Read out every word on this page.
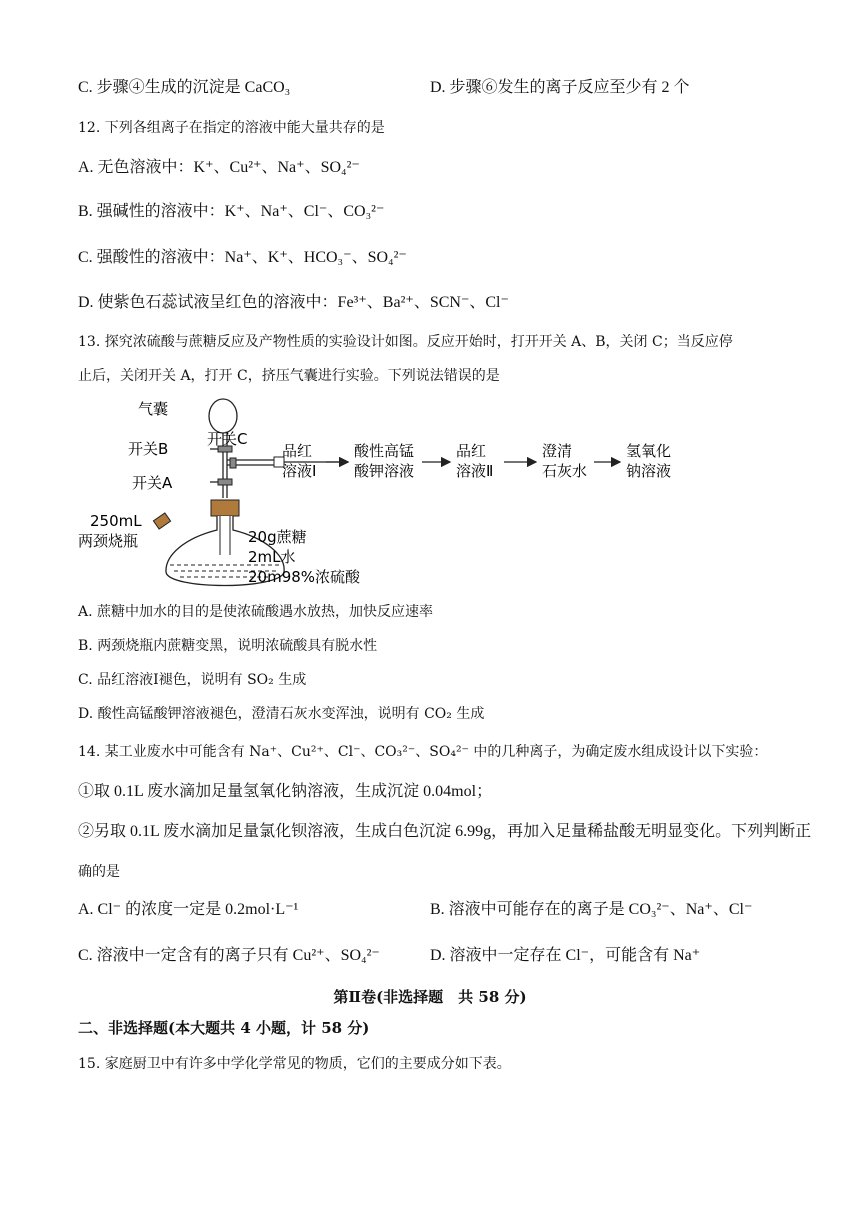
C. 步骤④生成的沉淀是 CaCO₃	D. 步骤⑥发生的离子反应至少有 2 个
12. 下列各组离子在指定的溶液中能大量共存的是
A. 无色溶液中：K⁺、Cu²⁺、Na⁺、SO₄²⁻
B. 强碱性的溶液中：K⁺、Na⁺、Cl⁻、CO₃²⁻
C. 强酸性的溶液中：Na⁺、K⁺、HCO₃⁻、SO₄²⁻
D. 使紫色石蕊试液呈红色的溶液中：Fe³⁺、Ba²⁺、SCN⁻、Cl⁻
13. 探究浓硫酸与蔗糖反应及产物性质的实验设计如图。反应开始时，打开开关 A、B，关闭 C；当反应停
止后，关闭开关 A，打开 C，挤压气囊进行实验。下列说法错误的是
气囊
开关B
开关C
开关A
250mL
两颈烧瓶	20g蔗糖
2mL水
20m98%浓硫酸
品红
溶液Ⅰ
酸性高锰
酸钾溶液
品红
溶液Ⅱ
澄清
石灰水
氢氧化
钠溶液
A. 蔗糖中加水的目的是使浓硫酸遇水放热，加快反应速率
B. 两颈烧瓶内蔗糖变黑，说明浓硫酸具有脱水性
C. 品红溶液Ⅰ褪色，说明有 SO₂ 生成
D. 酸性高锰酸钾溶液褪色，澄清石灰水变浑浊，说明有 CO₂ 生成
14. 某工业废水中可能含有 Na⁺、Cu²⁺、Cl⁻、CO₃²⁻、SO₄²⁻ 中的几种离子，为确定废水组成设计以下实验：
①取 0.1L 废水滴加足量氢氧化钠溶液，生成沉淀 0.04mol；
②另取 0.1L 废水滴加足量氯化钡溶液，生成白色沉淀 6.99g，再加入足量稀盐酸无明显变化。下列判断正
确的是
A. Cl⁻ 的浓度一定是 0.2mol·L⁻¹	B. 溶液中可能存在的离子是 CO₃²⁻、Na⁺、Cl⁻
C. 溶液中一定含有的离子只有 Cu²⁺、SO₄²⁻	D. 溶液中一定存在 Cl⁻，可能含有 Na⁺
第Ⅱ卷(非选择题　共 58 分)
二、非选择题(本大题共 4 小题，计 58 分)
15. 家庭厨卫中有许多中学化学常见的物质，它们的主要成分如下表。
